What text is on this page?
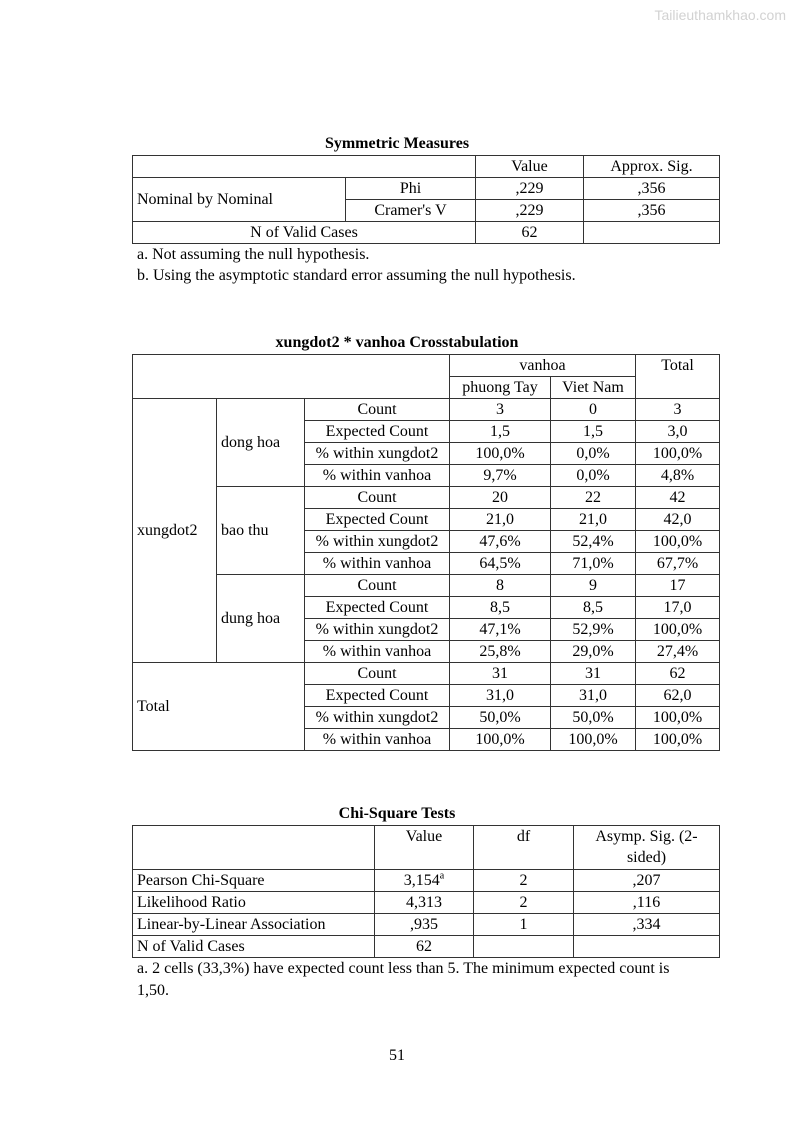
Tailieuthamkhao.com
Symmetric Measures
		Value	Approx. Sig.
Nominal by Nominal	Phi	,229	,356
	Cramer's V	,229	,356
N of Valid Cases		62	
a. Not assuming the null hypothesis.
b. Using the asymptotic standard error assuming the null hypothesis.
xungdot2 * vanhoa Crosstabulation
			vanhoa		Total
			phuong Tay	Viet Nam	
xungdot2	dong hoa	Count	3	0	3
		Expected Count	1,5	1,5	3,0
		% within xungdot2	100,0%	0,0%	100,0%
		% within vanhoa	9,7%	0,0%	4,8%
	bao thu	Count	20	22	42
		Expected Count	21,0	21,0	42,0
		% within xungdot2	47,6%	52,4%	100,0%
		% within vanhoa	64,5%	71,0%	67,7%
	dung hoa	Count	8	9	17
		Expected Count	8,5	8,5	17,0
		% within xungdot2	47,1%	52,9%	100,0%
		% within vanhoa	25,8%	29,0%	27,4%
Total		Count	31	31	62
		Expected Count	31,0	31,0	62,0
		% within xungdot2	50,0%	50,0%	100,0%
		% within vanhoa	100,0%	100,0%	100,0%
Chi-Square Tests
	Value	df	Asymp. Sig. (2-
sided)

Pearson Chi-Square	3,154$^a$	2	,207
Likelihood Ratio	4,313	2	,116
Linear-by-Linear Association	,935	1	,334
N of Valid Cases	62		
a. 2 cells (33,3%) have expected count less than 5. The minimum expected count is
1,50.
51
